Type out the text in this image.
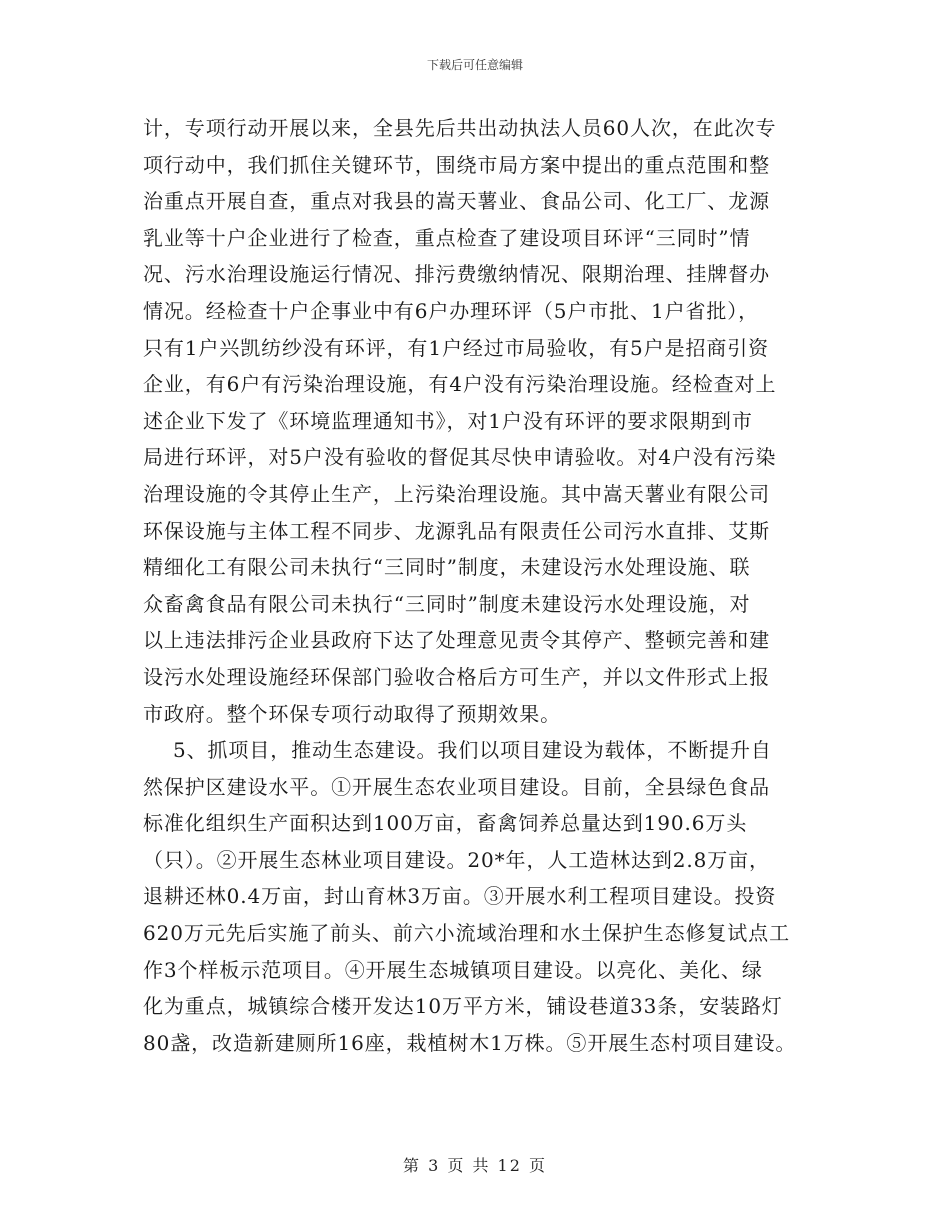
下载后可任意编辑
计，专项行动开展以来，全县先后共出动执法人员60人次，在此次专
项行动中，我们抓住关键环节，围绕市局方案中提出的重点范围和整
治重点开展自查，重点对我县的嵩天薯业、食品公司、化工厂、龙源
乳业等十户企业进行了检查，重点检查了建设项目环评“三同时”情
况、污水治理设施运行情况、排污费缴纳情况、限期治理、挂牌督办
情况。经检查十户企事业中有6户办理环评（5户市批、1户省批），
只有1户兴凯纺纱没有环评，有1户经过市局验收，有5户是招商引资
企业，有6户有污染治理设施，有4户没有污染治理设施。经检查对上
述企业下发了《环境监理通知书》，对1户没有环评的要求限期到市
局进行环评，对5户没有验收的督促其尽快申请验收。对4户没有污染
治理设施的令其停止生产，上污染治理设施。其中嵩天薯业有限公司
环保设施与主体工程不同步、龙源乳品有限责任公司污水直排、艾斯
精细化工有限公司未执行“三同时”制度，未建设污水处理设施、联
众畜禽食品有限公司未执行“三同时”制度未建设污水处理设施，对
以上违法排污企业县政府下达了处理意见责令其停产、整顿完善和建
设污水处理设施经环保部门验收合格后方可生产，并以文件形式上报
市政府。整个环保专项行动取得了预期效果。
5、抓项目，推动生态建设。我们以项目建设为载体，不断提升自
然保护区建设水平。①开展生态农业项目建设。目前，全县绿色食品
标准化组织生产面积达到100万亩，畜禽饲养总量达到190.6万头
（只）。②开展生态林业项目建设。20*年，人工造林达到2.8万亩，
退耕还林0.4万亩，封山育林3万亩。③开展水利工程项目建设。投资
620万元先后实施了前头、前六小流域治理和水土保护生态修复试点工
作3个样板示范项目。④开展生态城镇项目建设。以亮化、美化、绿
化为重点，城镇综合楼开发达10万平方米，铺设巷道33条，安装路灯
80盏，改造新建厕所16座，栽植树木1万株。⑤开展生态村项目建设。
第 3 页 共 12 页
